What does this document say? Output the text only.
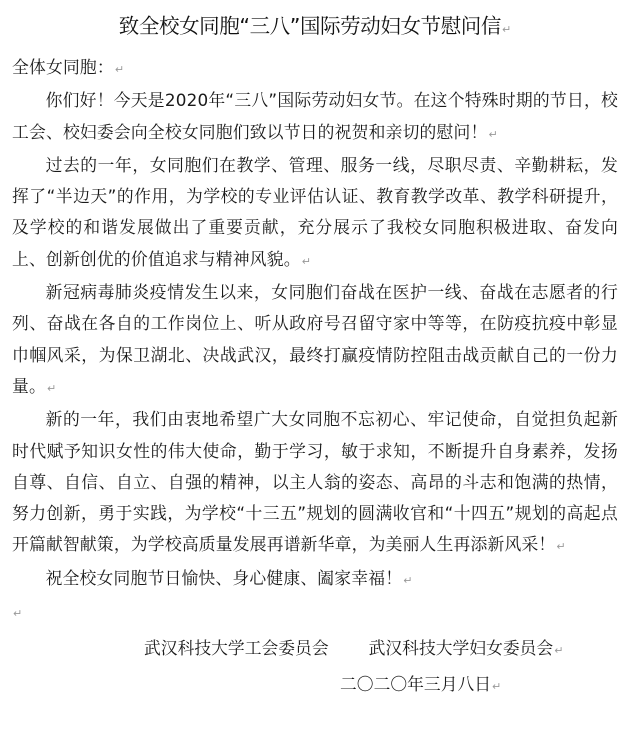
致全校女同胞“三八”国际劳动妇女节慰问信↵

全体女同胞：↵

你们好！今天是2020年“三八”国际劳动妇女节。在这个特殊时期的节日，校工会、校妇委会向全校女同胞们致以节日的祝贺和亲切的慰问！↵

过去的一年，女同胞们在教学、管理、服务一线，尽职尽责、辛勤耕耘，发挥了“半边天”的作用，为学校的专业评估认证、教育教学改革、教学科研提升，及学校的和谐发展做出了重要贡献，充分展示了我校女同胞积极进取、奋发向上、创新创优的价值追求与精神风貌。↵

新冠病毒肺炎疫情发生以来，女同胞们奋战在医护一线、奋战在志愿者的行列、奋战在各自的工作岗位上、听从政府号召留守家中等等，在防疫抗疫中彰显巾帼风采，为保卫湖北、决战武汉，最终打赢疫情防控阻击战贡献自己的一份力量。↵

新的一年，我们由衷地希望广大女同胞不忘初心、牢记使命，自觉担负起新时代赋予知识女性的伟大使命，勤于学习，敏于求知，不断提升自身素养，发扬自尊、自信、自立、自强的精神，以主人翁的姿态、高昂的斗志和饱满的热情，努力创新，勇于实践，为学校“十三五”规划的圆满收官和“十四五”规划的高起点开篇献智献策，为学校高质量发展再谱新华章，为美丽人生再添新风采！↵

祝全校女同胞节日愉快、身心健康、阖家幸福！↵

↵

武汉科技大学工会委员会 武汉科技大学妇女委员会↵
二〇二〇年三月八日↵
